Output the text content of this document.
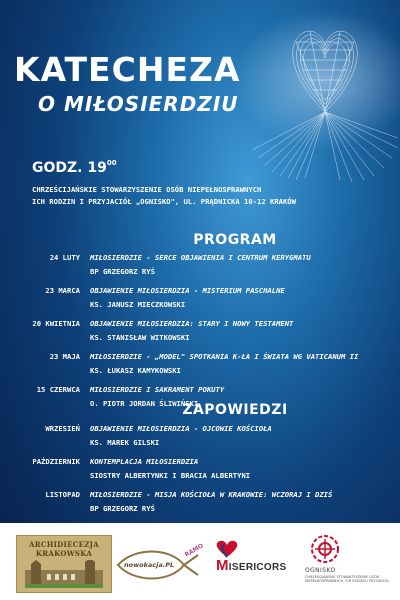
KATECHEZA
O MIŁOSIERDZIU
GODZ. $19^{00}$
CHRZEŚCIJAŃSKIE STOWARZYSZENIE OSÓB NIEPEŁNOSPRAWNYCH
ICH RODZIN I PRZYJACIÓŁ „OGNISKO", UL. PRĄDNICKA 10-12 KRAKÓW
PROGRAM
24 LUTY MIŁOSIERDZIE - SERCE OBJAWIENIA I CENTRUM KERYGMATU
BP GRZEGORZ RYŚ
23 MARCA OBJAWIENIE MIŁOSIERDZIA - MISTERIUM PASCHALNE
KS. JANUSZ MIECZKOWSKI
20 KWIETNIA OBJAWIENIE MIŁOSIERDZIA: STARY I NOWY TESTAMENT
KS. STANISŁAW WITKOWSKI
23 MAJA MIŁOSIERDZIE - „MODEL" SPOTKANIA K-ŁA I ŚWIATA WG VATICANUM II
KS. ŁUKASZ KAMYKOWSKI
15 CZERWCA MIŁOSIERDZIE I SAKRAMENT POKUTY
O. PIOTR JORDAN ŚLIWIŃSKI
ZAPOWIEDZI
WRZESIEŃ OBJAWIENIE MIŁOSIERDZIA - OJCOWIE KOŚCIOŁA
KS. MAREK GILSKI
PAŹDZIERNIK KONTEMPLACJA MIŁOSIERDZIA
SIOSTRY ALBERTYNKI I BRACIA ALBERTYNI
LISTOPAD MIŁOSIERDZIE - MISJA KOŚCIOŁA W KRAKOWIE: WCZORAJ I DZIŚ
BP GRZEGORZ RYŚ
ARCHIDIECEZJA
KRAKOWSKA
nowokacja.PL
RAMO
MISERICORS	OGNISKO
CHRZEŚCIJAŃSKIE STOWARZYSZENIE OSÓB NIEPEŁNOSPRAWNYCH, ICH RODZIN I PRZYJACIÓŁ
